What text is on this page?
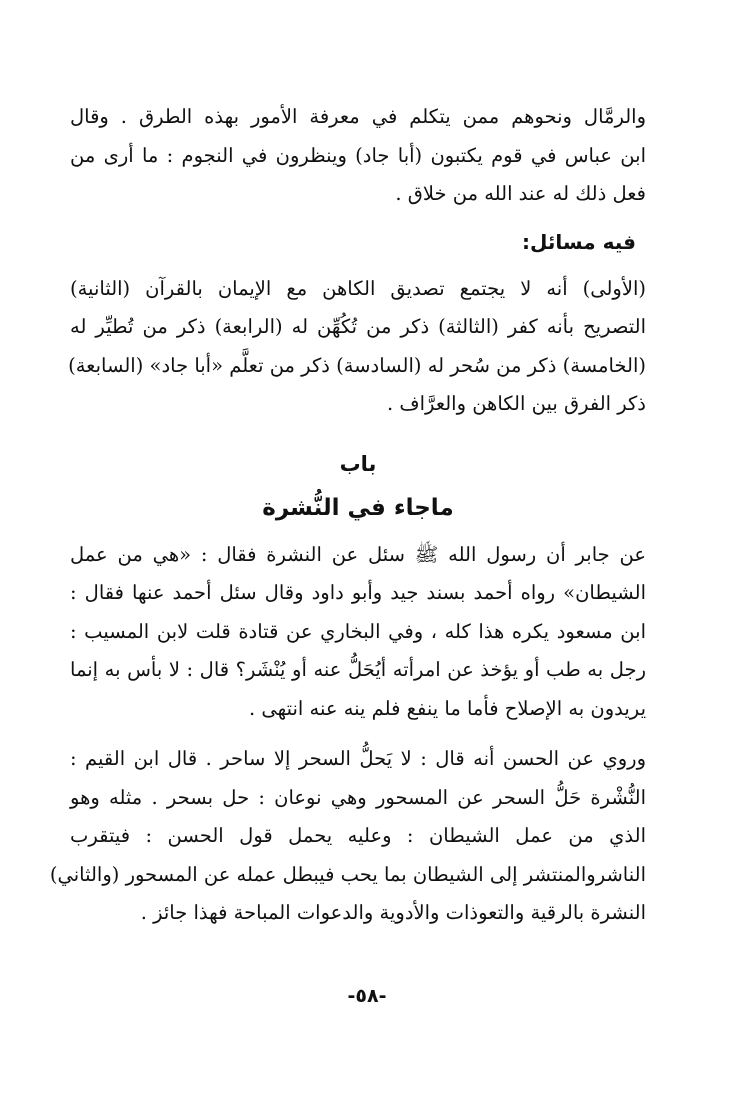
والرمَّال ونحوهم ممن يتكلم في معرفة الأمور بهذه الطرق . وقال
ابن عباس في قوم يكتبون (أبا جاد) وينظرون في النجوم : ما أرى من
فعل ذلك له عند الله من خلاق .
فيه مسائل:
(الأولى) أنه لا يجتمع تصديق الكاهن مع الإيمان بالقرآن (الثانية)
التصريح بأنه كفر (الثالثة) ذكر من تُكُهِّن له (الرابعة) ذكر من تُطيِّر له
(الخامسة) ذكر من سُحر له (السادسة) ذكر من تعلَّم «أبا جاد» (السابعة)
ذكر الفرق بين الكاهن والعرَّاف .
باب
ماجاء في النُّشرة
عن جابر أن رسول الله ﷺ سئل عن النشرة فقال : «هي من عمل
الشيطان» رواه أحمد بسند جيد وأبو داود وقال سئل أحمد عنها فقال :
ابن مسعود يكره هذا كله ، وفي البخاري عن قتادة قلت لابن المسيب :
رجل به طب أو يؤخذ عن امرأته أيُحَلُّ عنه أو يُنْشَر؟ قال : لا بأس به إنما
يريدون به الإصلاح فأما ما ينفع فلم ينه عنه انتهى .
وروي عن الحسن أنه قال : لا يَحلُّ السحر إلا ساحر . قال ابن القيم :
النُّشْرة حَلُّ السحر عن المسحور وهي نوعان : حل بسحر . مثله وهو
الذي من عمل الشيطان : وعليه يحمل قول الحسن : فيتقرب
الناشروالمنتشر إلى الشيطان بما يحب فيبطل عمله عن المسحور (والثاني)
النشرة بالرقية والتعوذات والأدوية والدعوات المباحة فهذا جائز .
-٥٨-
